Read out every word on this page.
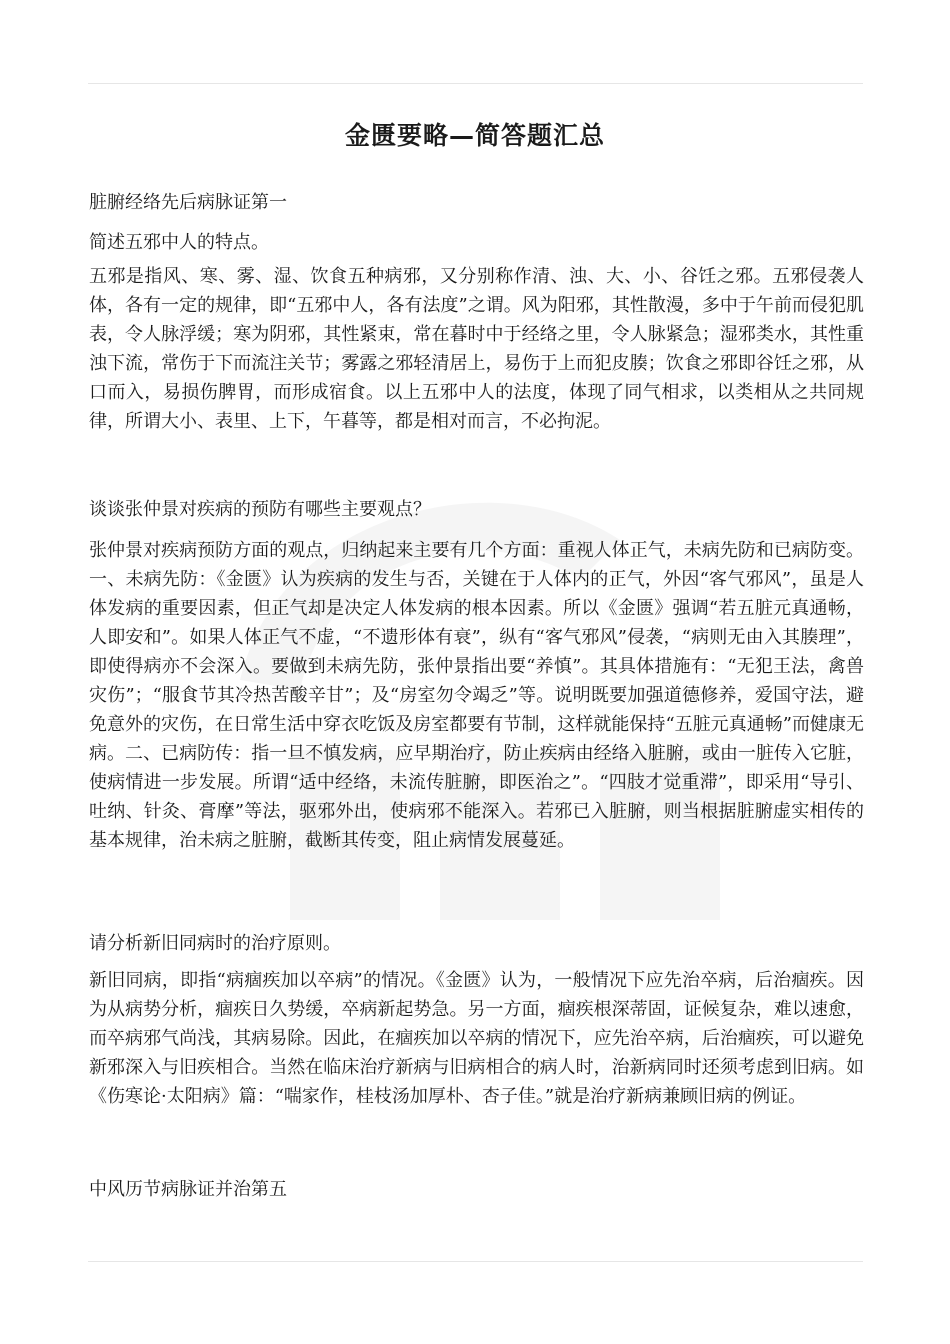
金匮要略—简答题汇总

脏腑经络先后病脉证第一

简述五邪中人的特点。

五邪是指风、寒、雾、湿、饮食五种病邪，又分别称作清、浊、大、小、谷饪之邪。五邪侵袭人体，各有一定的规律，即“五邪中人，各有法度”之谓。风为阳邪，其性散漫，多中于午前而侵犯肌表，令人脉浮缓；寒为阴邪，其性紧束，常在暮时中于经络之里，令人脉紧急；湿邪类水，其性重浊下流，常伤于下而流注关节；雾露之邪轻清居上，易伤于上而犯皮腠；饮食之邪即谷饪之邪，从口而入，易损伤脾胃，而形成宿食。以上五邪中人的法度，体现了同气相求，以类相从之共同规律，所谓大小、表里、上下，午暮等，都是相对而言，不必拘泥。

谈谈张仲景对疾病的预防有哪些主要观点？

张仲景对疾病预防方面的观点，归纳起来主要有几个方面：重视人体正气，未病先防和已病防变。一、未病先防：《金匮》认为疾病的发生与否，关键在于人体内的正气，外因“客气邪风”，虽是人体发病的重要因素，但正气却是决定人体发病的根本因素。所以《金匮》强调“若五脏元真通畅，人即安和”。如果人体正气不虚，“不遗形体有衰”，纵有“客气邪风”侵袭，“病则无由入其腠理”，即使得病亦不会深入。要做到未病先防，张仲景指出要“养慎”。其具体措施有：“无犯王法，禽兽灾伤”；“服食节其冷热苦酸辛甘”；及“房室勿令竭乏”等。说明既要加强道德修养，爱国守法，避免意外的灾伤，在日常生活中穿衣吃饭及房室都要有节制，这样就能保持“五脏元真通畅”而健康无病。二、已病防传：指一旦不慎发病，应早期治疗，防止疾病由经络入脏腑，或由一脏传入它脏，使病情进一步发展。所谓“适中经络，未流传脏腑，即医治之”。“四肢才觉重滞”，即采用“导引、吐纳、针灸、膏摩”等法，驱邪外出，使病邪不能深入。若邪已入脏腑，则当根据脏腑虚实相传的基本规律，治未病之脏腑，截断其传变，阻止病情发展蔓延。

请分析新旧同病时的治疗原则。

新旧同病，即指“病痼疾加以卒病”的情况。《金匮》认为，一般情况下应先治卒病，后治痼疾。因为从病势分析，痼疾日久势缓，卒病新起势急。另一方面，痼疾根深蒂固，证候复杂，难以速愈，而卒病邪气尚浅，其病易除。因此，在痼疾加以卒病的情况下，应先治卒病，后治痼疾，可以避免新邪深入与旧疾相合。当然在临床治疗新病与旧病相合的病人时，治新病同时还须考虑到旧病。如《伤寒论·太阳病》篇：“喘家作，桂枝汤加厚朴、杏子佳。”就是治疗新病兼顾旧病的例证。

中风历节病脉证并治第五
